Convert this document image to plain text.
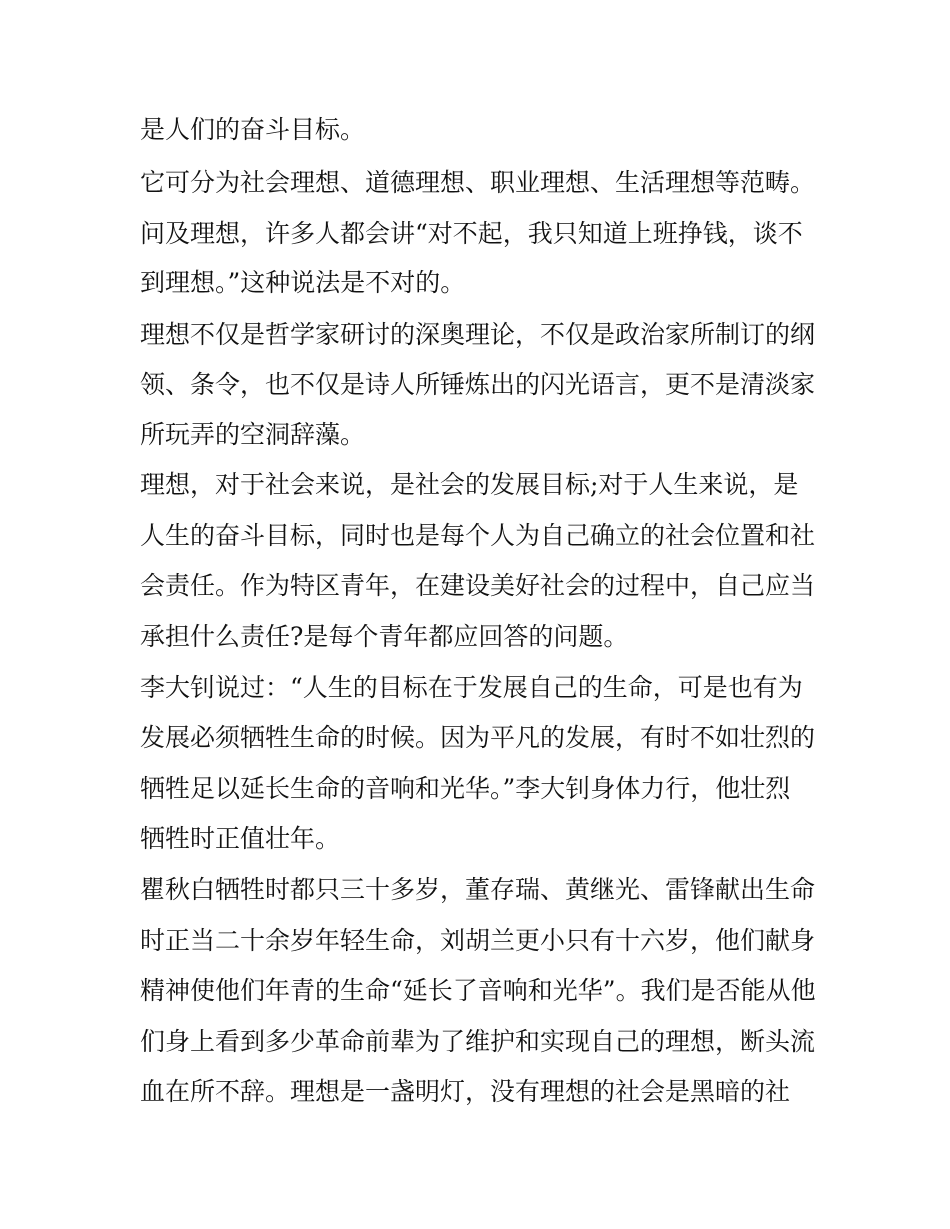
是人们的奋斗目标。
它可分为社会理想、道德理想、职业理想、生活理想等范畴。
问及理想，许多人都会讲“对不起，我只知道上班挣钱，谈不
到理想。”这种说法是不对的。
理想不仅是哲学家研讨的深奥理论，不仅是政治家所制订的纲
领、条令，也不仅是诗人所锤炼出的闪光语言，更不是清淡家
所玩弄的空洞辞藻。
理想，对于社会来说，是社会的发展目标;对于人生来说，是
人生的奋斗目标，同时也是每个人为自己确立的社会位置和社
会责任。作为特区青年，在建设美好社会的过程中，自己应当
承担什么责任?是每个青年都应回答的问题。
李大钊说过：“人生的目标在于发展自己的生命，可是也有为
发展必须牺牲生命的时候。因为平凡的发展，有时不如壮烈的
牺牲足以延长生命的音响和光华。”李大钊身体力行，他壮烈
牺牲时正值壮年。
瞿秋白牺牲时都只三十多岁，董存瑞、黄继光、雷锋献出生命
时正当二十余岁年轻生命，刘胡兰更小只有十六岁，他们献身
精神使他们年青的生命“延长了音响和光华”。我们是否能从他
们身上看到多少革命前辈为了维护和实现自己的理想，断头流
血在所不辞。理想是一盏明灯，没有理想的社会是黑暗的社
